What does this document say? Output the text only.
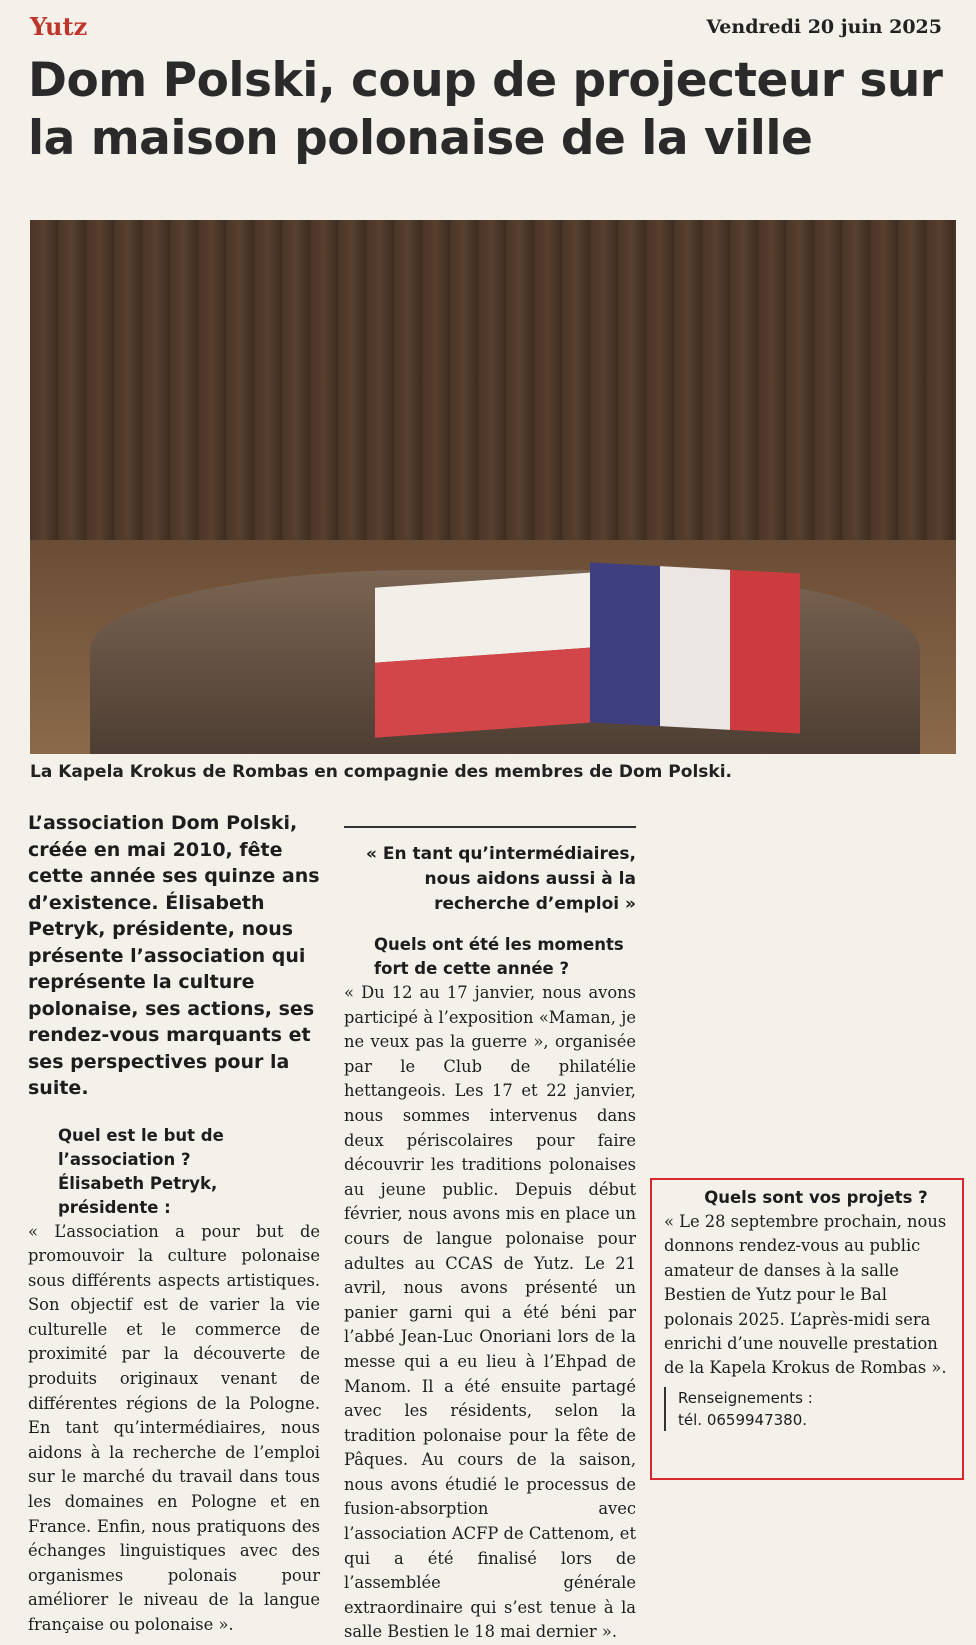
Yutz	Vendredi 20 juin 2025
Dom Polski, coup de projecteur sur la maison polonaise de la ville
La Kapela Krokus de Rombas en compagnie des membres de Dom Polski.
L’association Dom Polski, créée en mai 2010, fête cette année ses quinze ans d’existence. Élisabeth Petryk, présidente, nous présente l’association qui représente la culture polonaise, ses actions, ses rendez-vous marquants et ses perspectives pour la suite.
Quel est le but de l’association ?
Élisabeth Petryk, présidente :

« L’association a pour but de promouvoir la culture polonaise sous différents aspects artistiques. Son objectif est de varier la vie culturelle et le commerce de proximité par la découverte de produits originaux venant de différentes régions de la Pologne. En tant qu’intermédiaires, nous aidons à la recherche de l’emploi sur le marché du travail dans tous les domaines en Pologne et en France. Enfin, nous pratiquons des échanges linguistiques avec des organismes polonais pour améliorer le niveau de la langue française ou polonaise ».

« En tant qu’intermédiaires, nous aidons aussi à la recherche d’emploi »
Quels ont été les moments fort de cette année ?

« Du 12 au 17 janvier, nous avons participé à l’exposition «Maman, je ne veux pas la guerre », organisée par le Club de philatélie hettangeois. Les 17 et 22 janvier, nous sommes intervenus dans deux périscolaires pour faire découvrir les traditions polonaises au jeune public. Depuis début février, nous avons mis en place un cours de langue polonaise pour adultes au CCAS de Yutz. Le 21 avril, nous avons présenté un panier garni qui a été béni par l’abbé Jean-Luc Onoriani lors de la messe qui a eu lieu à l’Ehpad de Manom. Il a été ensuite partagé avec les résidents, selon la tradition polonaise pour la fête de Pâques. Au cours de la saison, nous avons étudié le processus de fusion-absorption avec l’association ACFP de Cattenom, et qui a été finalisé lors de l’assemblée générale extraordinaire qui s’est tenue à la salle Bestien le 18 mai dernier ».

Quels sont vos projets ?

« Le 28 septembre prochain, nous donnons rendez-vous au public amateur de danses à la salle Bestien de Yutz pour le Bal polonais 2025. L’après-midi sera enrichi d’une nouvelle prestation de la Kapela Krokus de Rombas ».

Renseignements :
tél. 0659947380.
